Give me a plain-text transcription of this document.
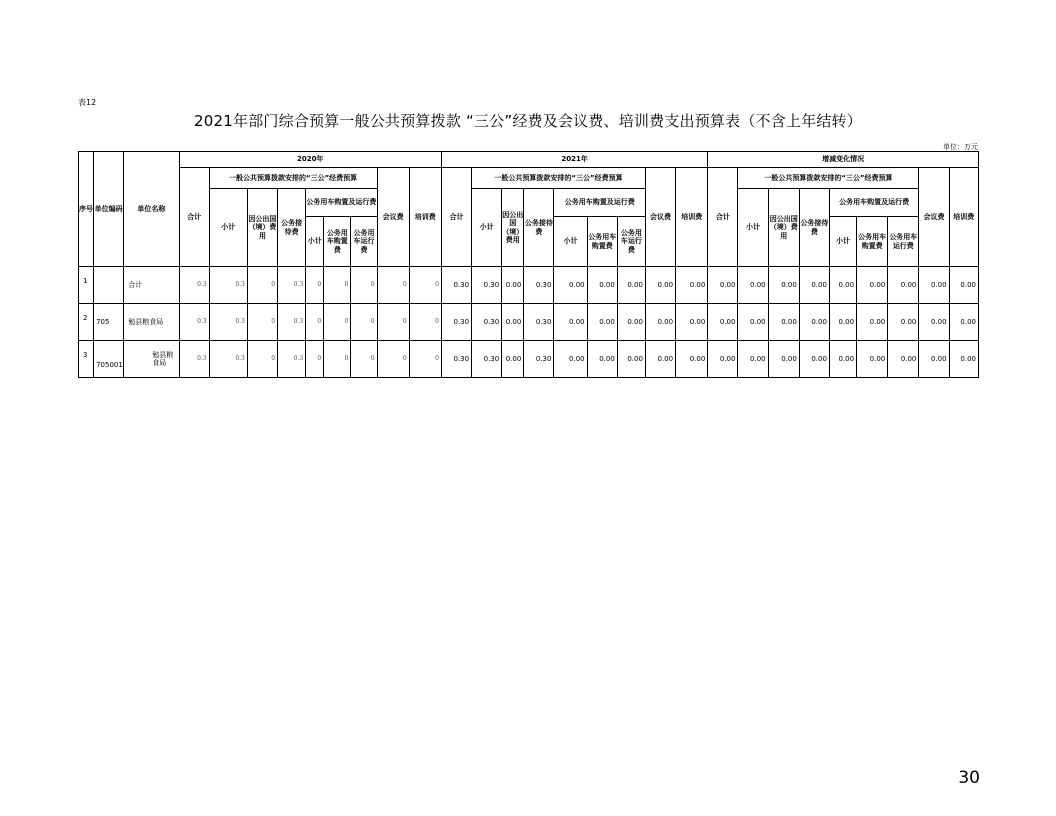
表12
2021年部门综合预算一般公共预算拨款 “三公”经费及会议费、培训费支出预算表（不含上年结转）
单位：万元
序号	单位编码	单位名称	2020年									2021年									增减变化情况								
			合计	一般公共预算拨款安排的“三公”经费预算						会议费	培训费	合计	一般公共预算拨款安排的“三公”经费预算						会议费	培训费	合计	一般公共预算拨款安排的“三公”经费预算						会议费	培训费
				小计	因公出国（境）费用	公务接待费	公务用车购置及运行费						小计	因公出国（境）费用	公务接待费	公务用车购置及运行费						小计	因公出国（境）费用	公务接待费	公务用车购置及运行费				
							小计	公务用车购置费	公务用车运行费							小计	公务用车购置费	公务用车运行费							小计	公务用车购置费	公务用车运行费		
1		合计	0.3	0.3	0	0.3	0	0	0	0	0	0.30	0.30	0.00	0.30	0.00	0.00	0.00	0.00	0.00	0.00	0.00	0.00	0.00	0.00	0.00	0.00	0.00	0.00
2	705	勉县粮食局	0.3	0.3	0	0.3	0	0	0	0	0	0.30	0.30	0.00	0.30	0.00	0.00	0.00	0.00	0.00	0.00	0.00	0.00	0.00	0.00	0.00	0.00	0.00	0.00
3	705001	勉县粮食局	0.3	0.3	0	0.3	0	0	0	0	0	0.30	0.30	0.00	0.30	0.00	0.00	0.00	0.00	0.00	0.00	0.00	0.00	0.00	0.00	0.00	0.00	0.00	0.00
30
